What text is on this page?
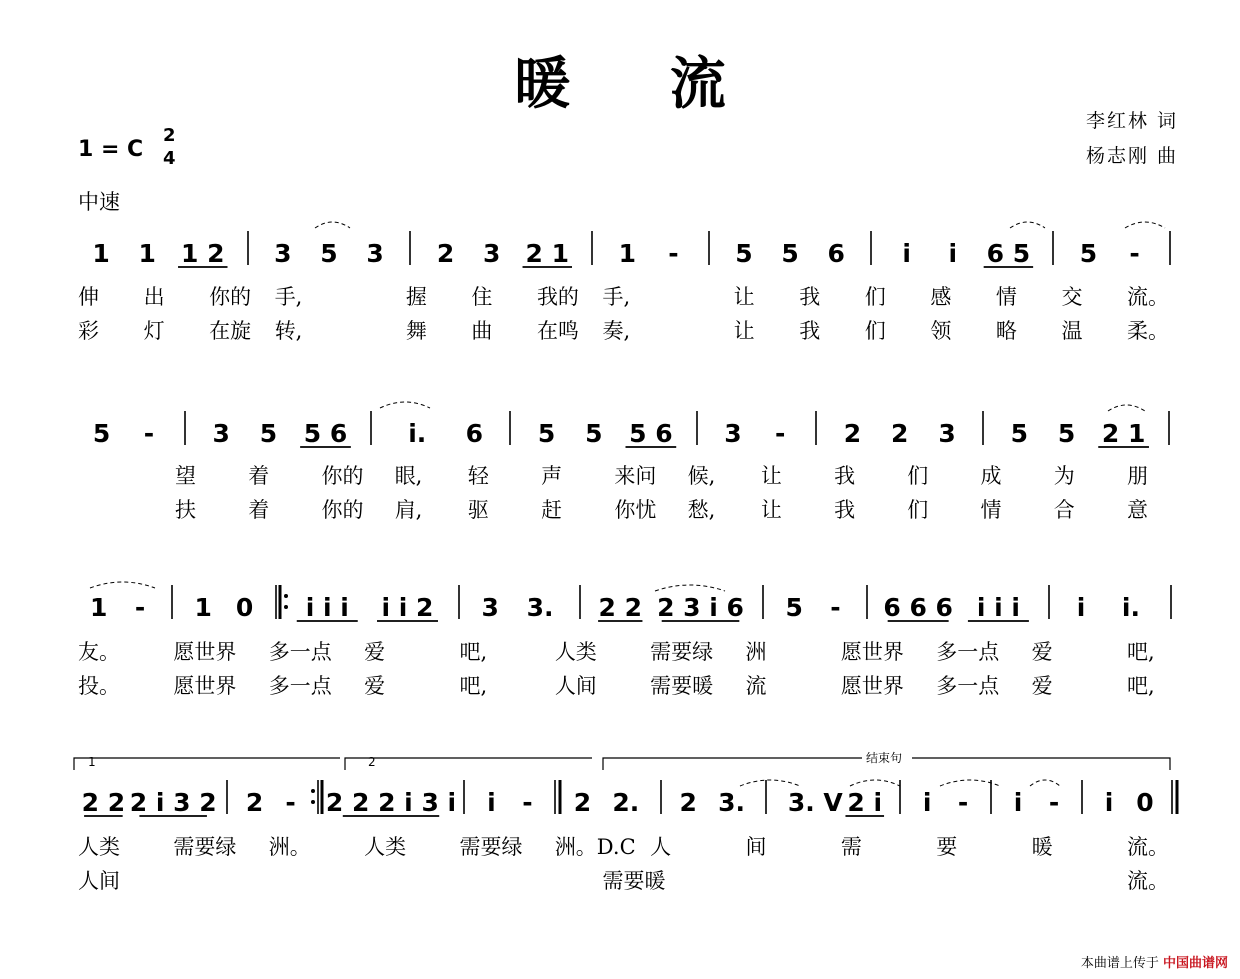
暖 流
李红林 词
杨志刚 曲
1 = C
2
4
中速
1 1 1 2 3 5 3 2 3 2 1 1 - 5 5 6 i i 6 5 5 -
伸 出 你的 手,	握 住 我的 手,	让 我 们 感 情 交 流。
彩 灯 在旋 转,	舞 曲 在鸣 奏,	让 我 们 领 略 温 柔。
5 - 3 5 5 6 i. 6 5 5 5 6 3 - 2 2 3 5 5 2 1
望 着 你的 眼, 轻 声 来问 候, 让 我 们 成 为 朋
扶 着 你的 肩, 驱 赶 你忧 愁, 让 我 们 情 合 意
1 - 1 0 i i i i i 2 3 3. 2 2 2 3 i 6 5 - 6 6 6 i i i i i.
友。	愿世界 多一点 爱	吧,	人类	需要绿 洲	愿世界 多一点 爱	吧,
投。	愿世界 多一点 爱	吧,	人间	需要暖 流	愿世界 多一点 爱	吧,
2 2 2 i 3 2 2 - 2 2 2 i 3 i i - 2 2. 2 3. 3. V 2 i i - i - i 0
人类	需要绿 洲。	人类	需要绿 洲。D.C 人	间	需	要	暖	流。
人间	需要暖	流。
1	2	结束句
本曲谱上传于 中国曲谱网
